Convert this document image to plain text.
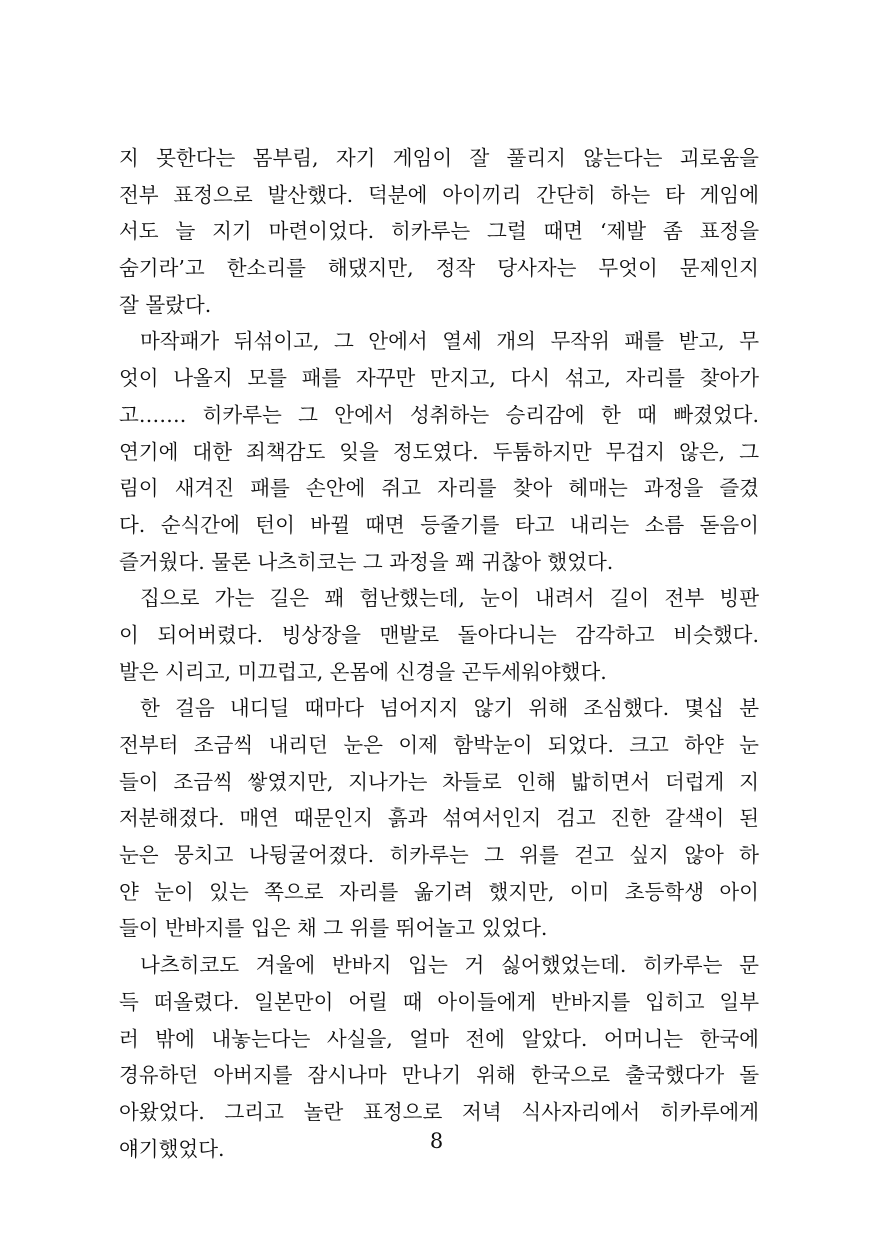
지 못한다는 몸부림, 자기 게임이 잘 풀리지 않는다는 괴로움을
전부 표정으로 발산했다. 덕분에 아이끼리 간단히 하는 타 게임에
서도 늘 지기 마련이었다. 히카루는 그럴 때면 ‘제발 좀 표정을
숨기라’고 한소리를 해댔지만, 정작 당사자는 무엇이 문제인지
잘 몰랐다.
마작패가 뒤섞이고, 그 안에서 열세 개의 무작위 패를 받고, 무
엇이 나올지 모를 패를 자꾸만 만지고, 다시 섞고, 자리를 찾아가
고……. 히카루는 그 안에서 성취하는 승리감에 한 때 빠졌었다.
연기에 대한 죄책감도 잊을 정도였다. 두툼하지만 무겁지 않은, 그
림이 새겨진 패를 손안에 쥐고 자리를 찾아 헤매는 과정을 즐겼
다. 순식간에 턴이 바뀔 때면 등줄기를 타고 내리는 소름 돋음이
즐거웠다. 물론 나츠히코는 그 과정을 꽤 귀찮아 했었다.
집으로 가는 길은 꽤 험난했는데, 눈이 내려서 길이 전부 빙판
이 되어버렸다. 빙상장을 맨발로 돌아다니는 감각하고 비슷했다.
발은 시리고, 미끄럽고, 온몸에 신경을 곤두세워야했다.
한 걸음 내디딜 때마다 넘어지지 않기 위해 조심했다. 몇십 분
전부터 조금씩 내리던 눈은 이제 함박눈이 되었다. 크고 하얀 눈
들이 조금씩 쌓였지만, 지나가는 차들로 인해 밟히면서 더럽게 지
저분해졌다. 매연 때문인지 흙과 섞여서인지 검고 진한 갈색이 된
눈은 뭉치고 나뒹굴어졌다. 히카루는 그 위를 걷고 싶지 않아 하
얀 눈이 있는 쪽으로 자리를 옮기려 했지만, 이미 초등학생 아이
들이 반바지를 입은 채 그 위를 뛰어놀고 있었다.
나츠히코도 겨울에 반바지 입는 거 싫어했었는데. 히카루는 문
득 떠올렸다. 일본만이 어릴 때 아이들에게 반바지를 입히고 일부
러 밖에 내놓는다는 사실을, 얼마 전에 알았다. 어머니는 한국에
경유하던 아버지를 잠시나마 만나기 위해 한국으로 출국했다가 돌
아왔었다. 그리고 놀란 표정으로 저녁 식사자리에서 히카루에게
얘기했었다.	8
